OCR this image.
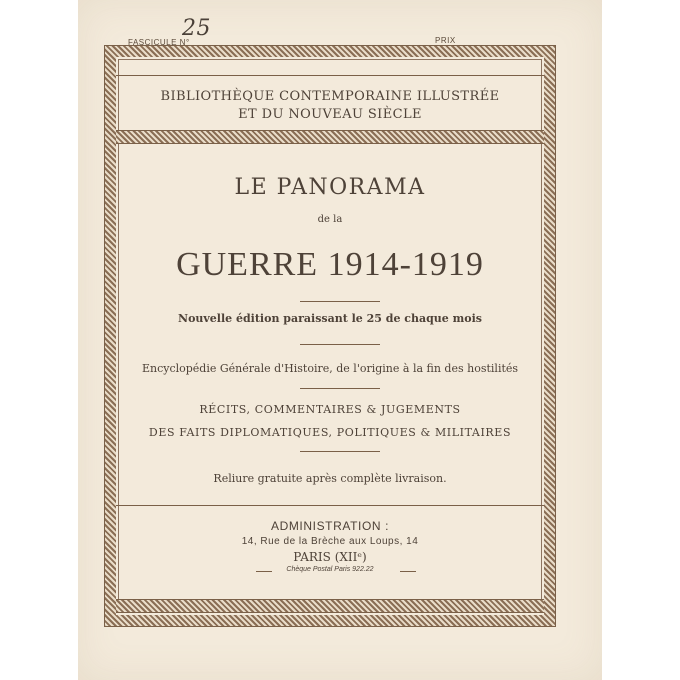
FASCICULE N°
25	PRIX
BIBLIOTHÈQUE CONTEMPORAINE ILLUSTRÉE
ET DU NOUVEAU SIÈCLE
LE PANORAMA
de la
GUERRE 1914-1919
Nouvelle édition paraissant le 25 de chaque mois
Encyclopédie Générale d'Histoire, de l'origine à la fin des hostilités
RÉCITS, COMMENTAIRES & JUGEMENTS
DES FAITS DIPLOMATIQUES, POLITIQUES & MILITAIRES
Reliure gratuite après complète livraison.
ADMINISTRATION :
14, Rue de la Brèche aux Loups, 14
PARIS (XIIᵉ)
Chèque Postal Paris 922.22
